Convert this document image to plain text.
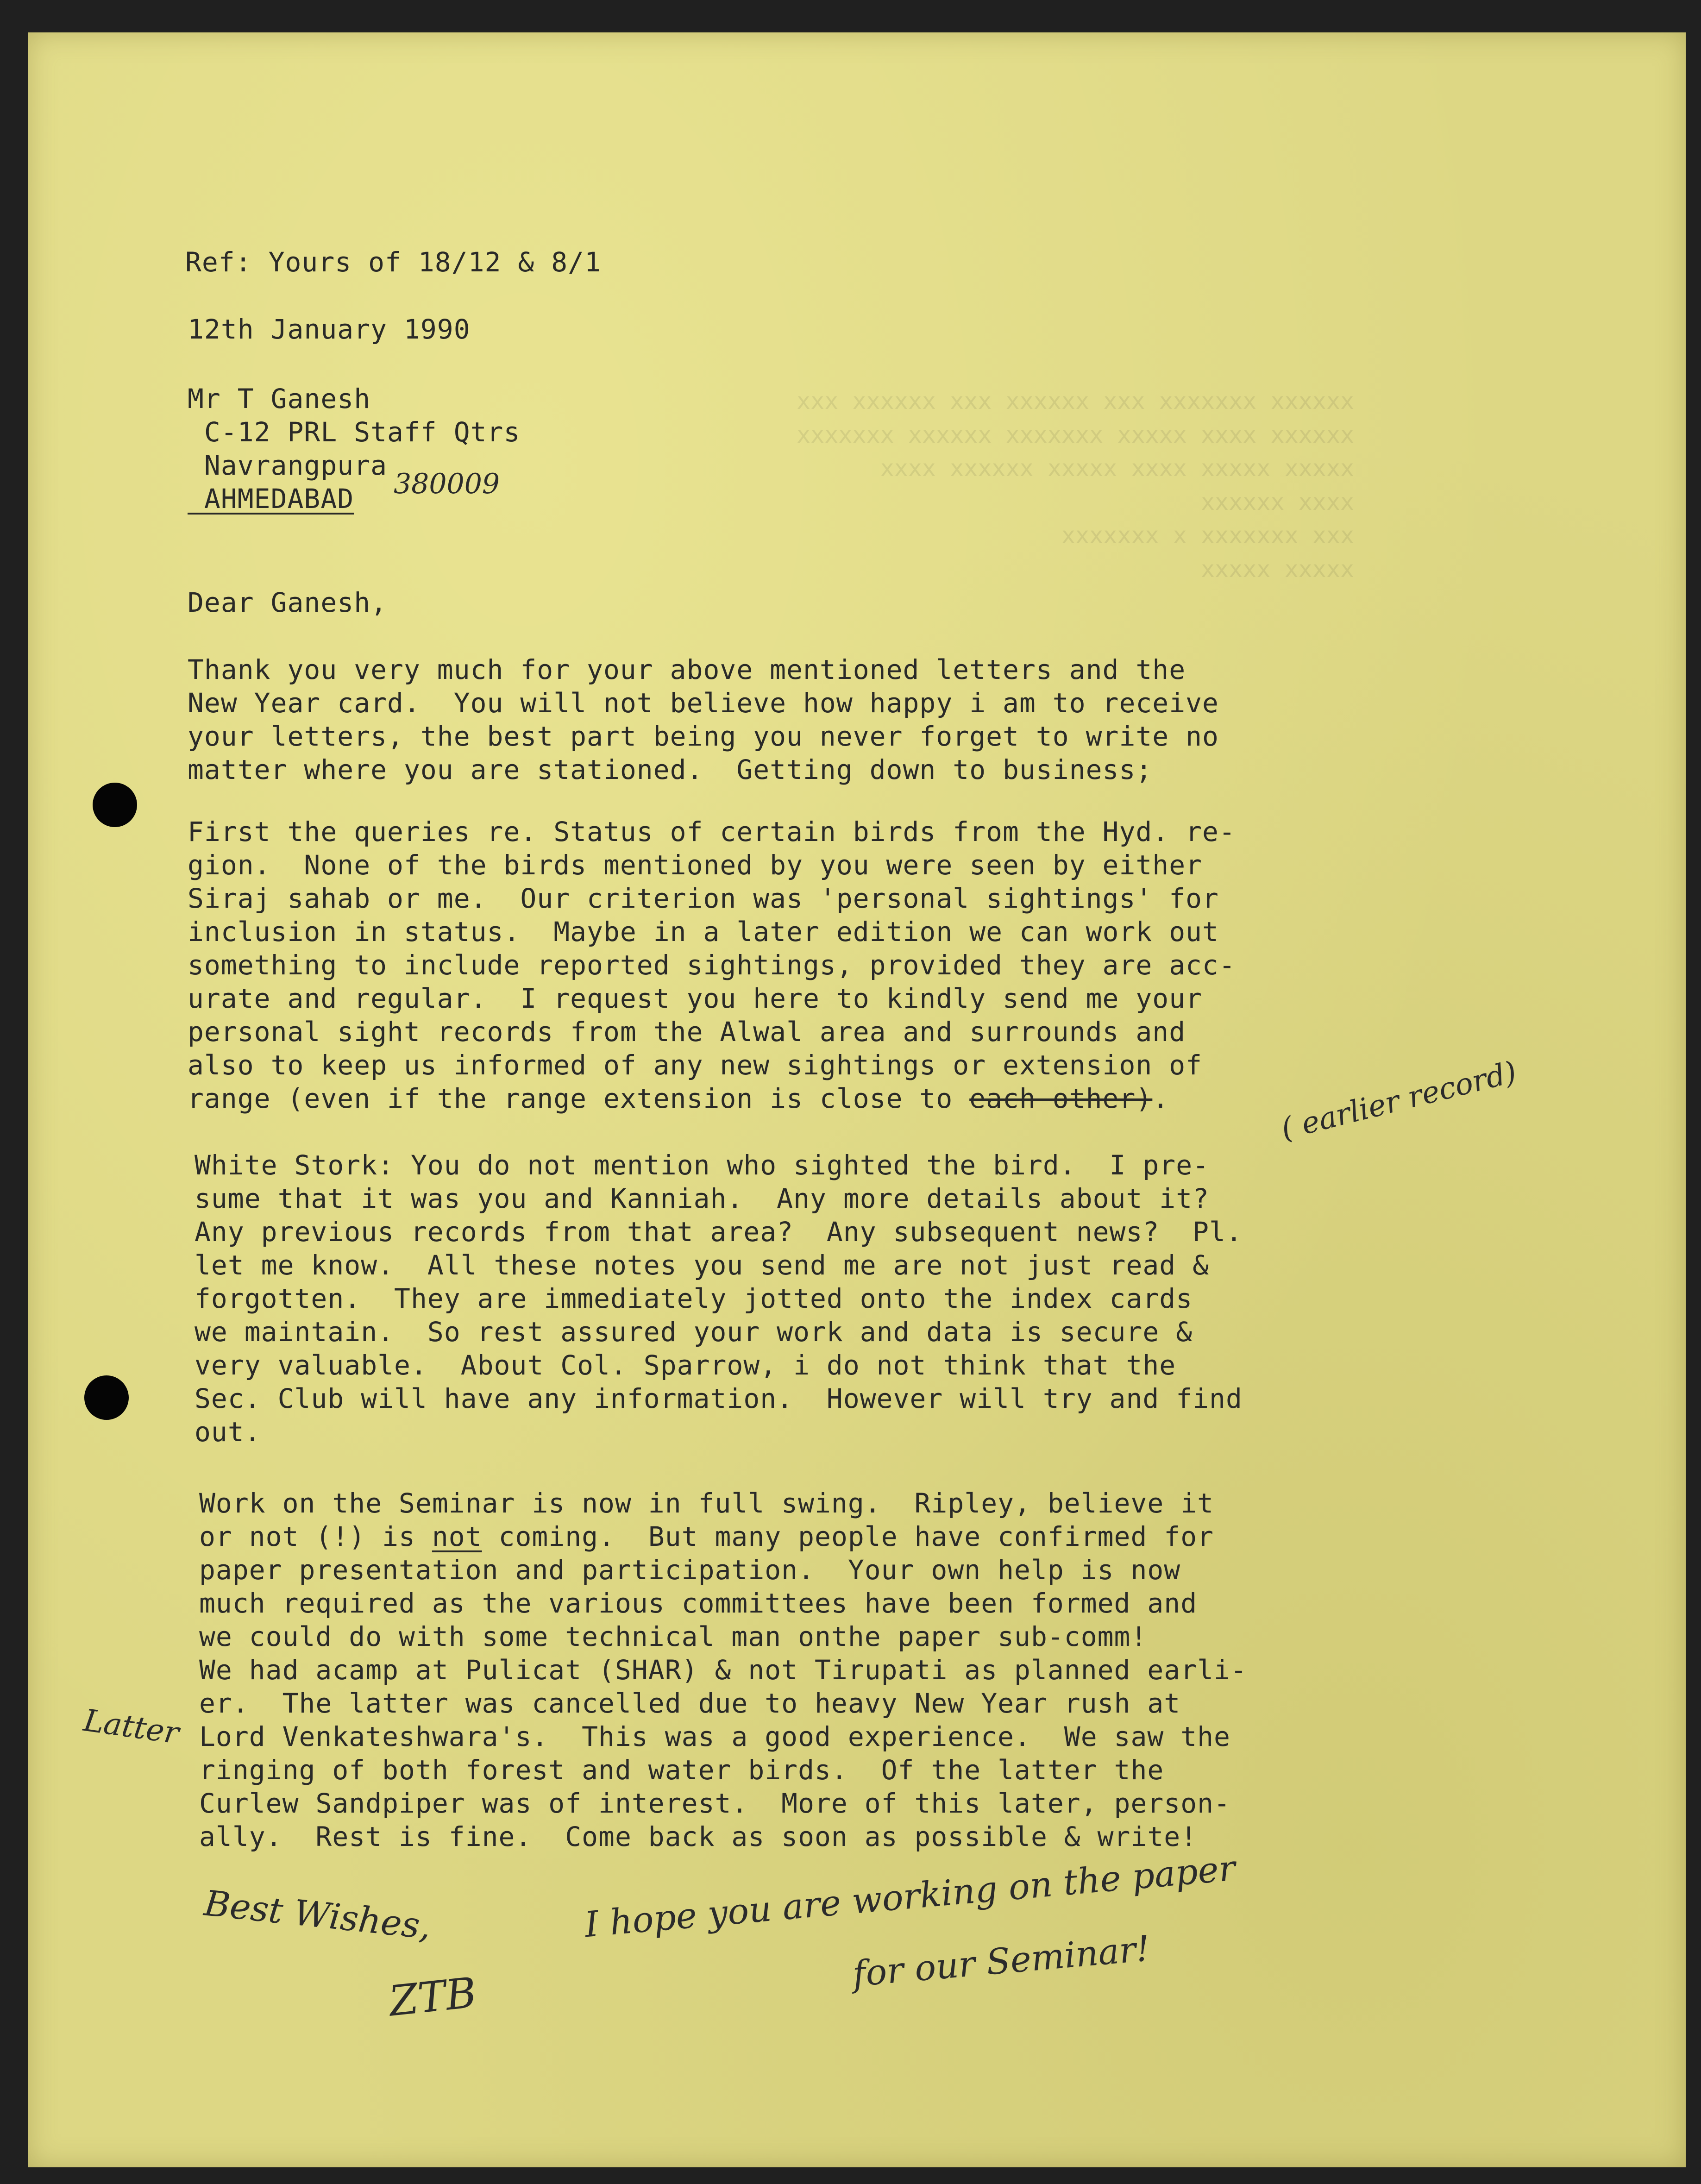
xxxxxx xxxxxxx xxx xxxxxx xxx xxxxxx xxx
xxxxxx xxxx xxxxx xxxxxxx xxxxxx xxxxxxx
xxxxx xxxxx xxxx xxxxx xxxxxx xxxx
xxxx xxxxxx
xxx xxxxxxx x xxxxxxx
xxxxx xxxxx
Ref: Yours of 18/12 & 8/1
12th January 1990
Mr T Ganesh
C-12 PRL Staff Qtrs
Navrangpura
AHMEDABAD	380009
Dear Ganesh,
Thank you very much for your above mentioned letters and the
New Year card.  You will not believe how happy i am to receive
your letters, the best part being you never forget to write no
matter where you are stationed.  Getting down to business;
First the queries re. Status of certain birds from the Hyd. re-
gion.  None of the birds mentioned by you were seen by either
Siraj sahab or me.  Our criterion was 'personal sightings' for
inclusion in status.  Maybe in a later edition we can work out
something to include reported sightings, provided they are acc-
urate and regular.  I request you here to kindly send me your
personal sight records from the Alwal area and surrounds and
also to keep us informed of any new sightings or extension of
range (even if the range extension is close to each other).	( earlier record)
White Stork: You do not mention who sighted the bird.  I pre-
sume that it was you and Kanniah.  Any more details about it?
Any previous records from that area?  Any subsequent news?  Pl.
let me know.  All these notes you send me are not just read &
forgotten.  They are immediately jotted onto the index cards
we maintain.  So rest assured your work and data is secure &
very valuable.  About Col. Sparrow, i do not think that the
Sec. Club will have any information.  However will try and find
out.
Work on the Seminar is now in full swing.  Ripley, believe it
or not (!) is not coming.  But many people have confirmed for
paper presentation and participation.  Your own help is now
much required as the various committees have been formed and
we could do with some technical man onthe paper sub-comm!
We had acamp at Pulicat (SHAR) & not Tirupati as planned earli-
er.  The latter was cancelled due to heavy New Year rush at
Lord Venkateshwara's.  This was a good experience.  We saw the
ringing of both forest and water birds.  Of the latter the
Curlew Sandpiper was of interest.  More of this later, person-
ally.  Rest is fine.  Come back as soon as possible & write!
Latter
Best Wishes,
ZTB
I hope you are working on the paper
for our Seminar!
